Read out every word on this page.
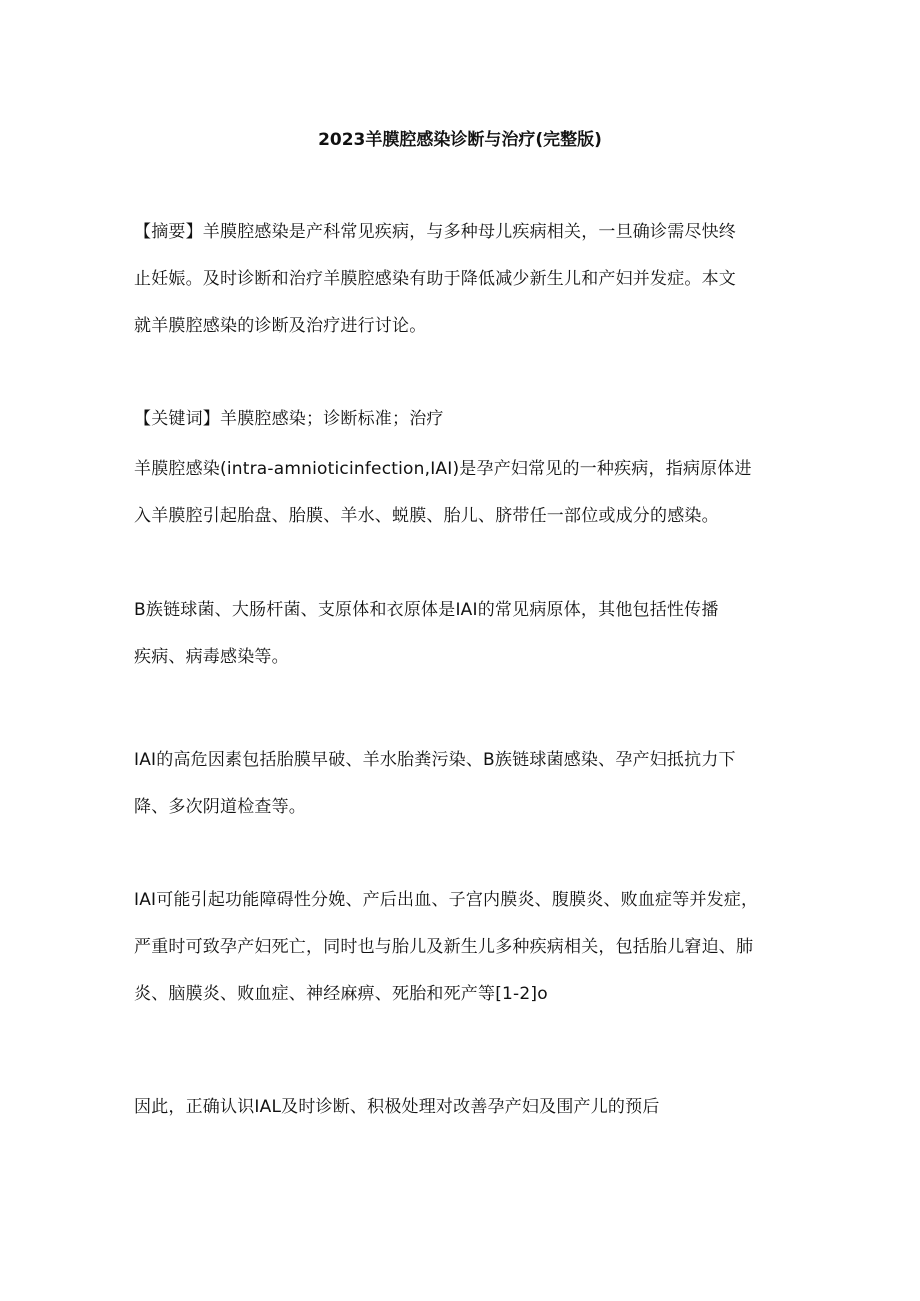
2023羊膜腔感染诊断与治疗(完整版)

【摘要】羊膜腔感染是产科常见疾病，与多种母儿疾病相关，一旦确诊需尽快终
止妊娠。及时诊断和治疗羊膜腔感染有助于降低减少新生儿和产妇并发症。本文
就羊膜腔感染的诊断及治疗进行讨论。

【关键词】羊膜腔感染；诊断标准；治疗

羊膜腔感染(intra-amnioticinfection,IAI)是孕产妇常见的一种疾病，指病原体进
入羊膜腔引起胎盘、胎膜、羊水、蜕膜、胎儿、脐带任一部位或成分的感染。

B族链球菌、大肠杆菌、支原体和衣原体是IAI的常见病原体，其他包括性传播
疾病、病毒感染等。

IAI的高危因素包括胎膜早破、羊水胎粪污染、B族链球菌感染、孕产妇抵抗力下
降、多次阴道检查等。

IAI可能引起功能障碍性分娩、产后出血、子宫内膜炎、腹膜炎、败血症等并发症，
严重时可致孕产妇死亡，同时也与胎儿及新生儿多种疾病相关，包括胎儿窘迫、肺
炎、脑膜炎、败血症、神经麻痹、死胎和死产等[1-2]o

因此，正确认识IAL及时诊断、积极处理对改善孕产妇及围产儿的预后
